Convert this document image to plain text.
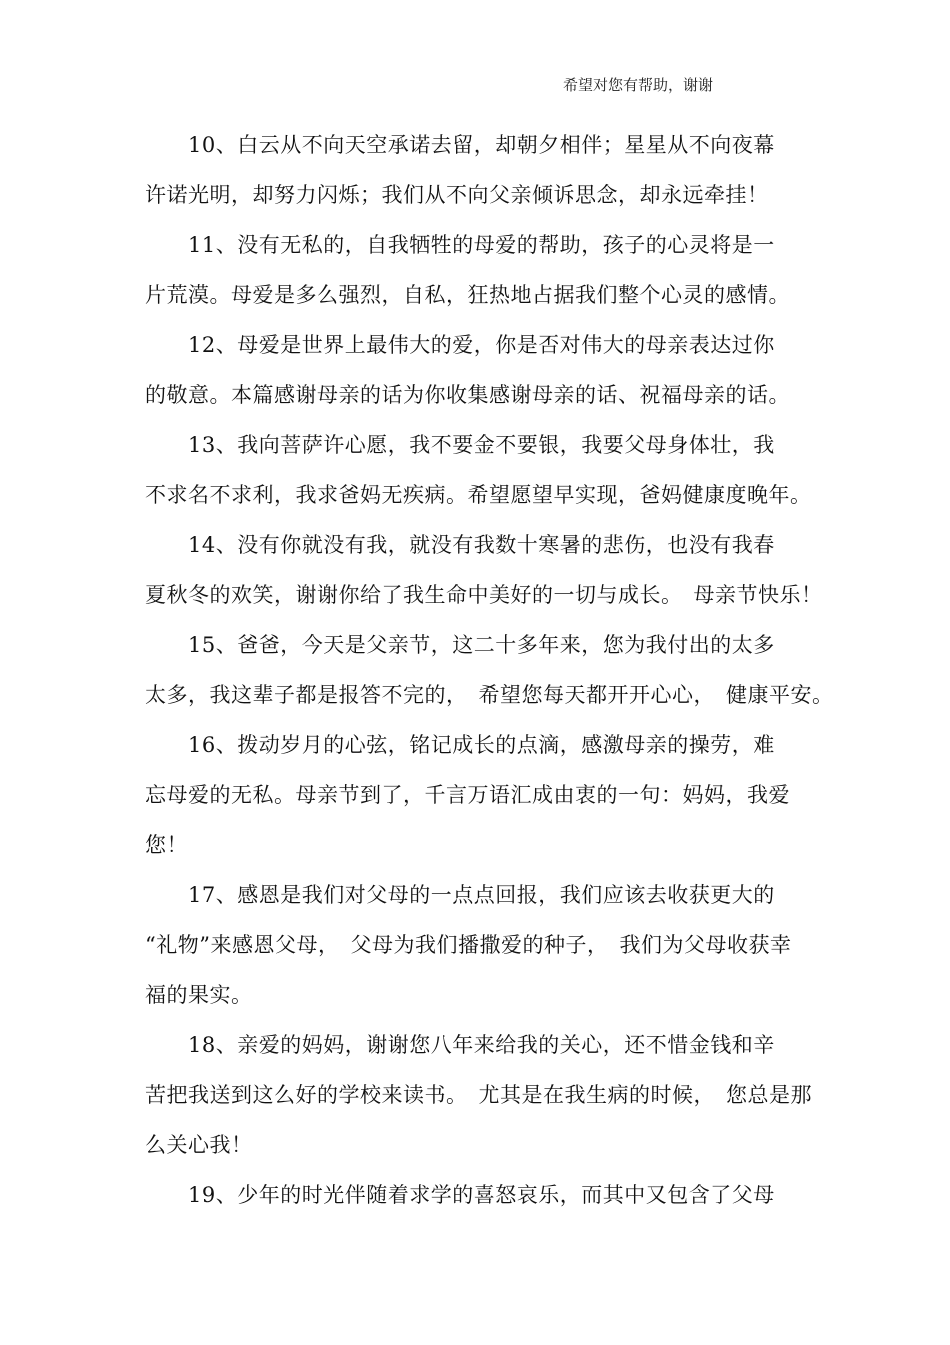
希望对您有帮助，谢谢
10、白云从不向天空承诺去留，却朝夕相伴；星星从不向夜幕
许诺光明，却努力闪烁；我们从不向父亲倾诉思念，却永远牵挂！
11、没有无私的，自我牺牲的母爱的帮助，孩子的心灵将是一
片荒漠。母爱是多么强烈，自私，狂热地占据我们整个心灵的感情。
12、母爱是世界上最伟大的爱，你是否对伟大的母亲表达过你
的敬意。本篇感谢母亲的话为你收集感谢母亲的话、祝福母亲的话。
13、我向菩萨许心愿，我不要金不要银，我要父母身体壮，我
不求名不求利，我求爸妈无疾病。希望愿望早实现，爸妈健康度晚年。
14、没有你就没有我，就没有我数十寒暑的悲伤，也没有我春
夏秋冬的欢笑，谢谢你给了我生命中美好的一切与成长。　母亲节快乐！
15、爸爸，今天是父亲节，这二十多年来，您为我付出的太多
太多，我这辈子都是报答不完的，　希望您每天都开开心心，　健康平安。
16、拨动岁月的心弦，铭记成长的点滴，感激母亲的操劳，难
忘母爱的无私。母亲节到了，千言万语汇成由衷的一句：妈妈，我爱
您！
17、感恩是我们对父母的一点点回报，我们应该去收获更大的
“礼物”来感恩父母，　父母为我们播撒爱的种子，　我们为父母收获幸
福的果实。
18、亲爱的妈妈，谢谢您八年来给我的关心，还不惜金钱和辛
苦把我送到这么好的学校来读书。　尤其是在我生病的时候，　您总是那
么关心我！
19、少年的时光伴随着求学的喜怒哀乐，而其中又包含了父母
